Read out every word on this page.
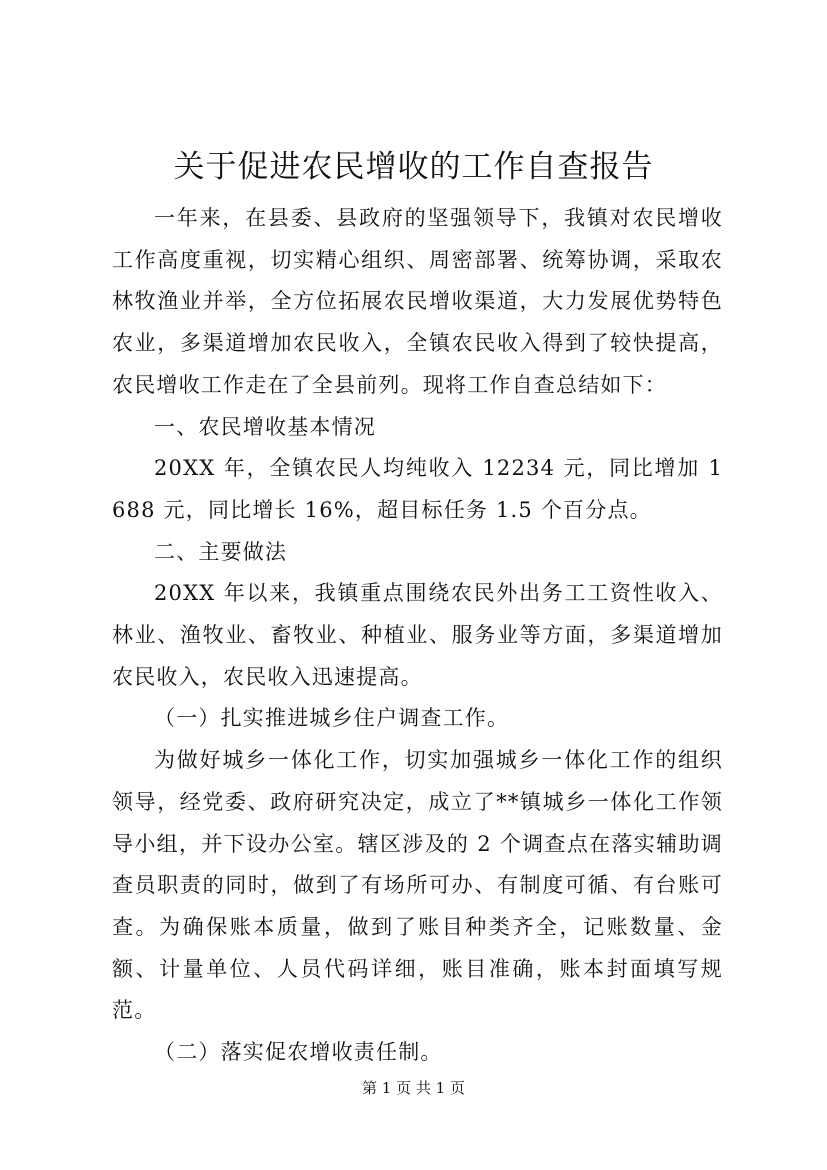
关于促进农民增收的工作自查报告

一年来，在县委、县政府的坚强领导下，我镇对农民增收工作高度重视，切实精心组织、周密部署、统筹协调，采取农林牧渔业并举，全方位拓展农民增收渠道，大力发展优势特色农业，多渠道增加农民收入，全镇农民收入得到了较快提高，农民增收工作走在了全县前列。现将工作自查总结如下：

一、农民增收基本情况

20XX 年，全镇农民人均纯收入 12234 元，同比增加 1688 元，同比增长 16%，超目标任务 1.5 个百分点。

二、主要做法

20XX 年以来，我镇重点围绕农民外出务工工资性收入、林业、渔牧业、畜牧业、种植业、服务业等方面，多渠道增加农民收入，农民收入迅速提高。

（一）扎实推进城乡住户调查工作。

为做好城乡一体化工作，切实加强城乡一体化工作的组织领导，经党委、政府研究决定，成立了**镇城乡一体化工作领导小组，并下设办公室。辖区涉及的 2 个调查点在落实辅助调查员职责的同时，做到了有场所可办、有制度可循、有台账可查。为确保账本质量，做到了账目种类齐全，记账数量、金额、计量单位、人员代码详细，账目准确，账本封面填写规范。

（二）落实促农增收责任制。

第 1 页 共 1 页
